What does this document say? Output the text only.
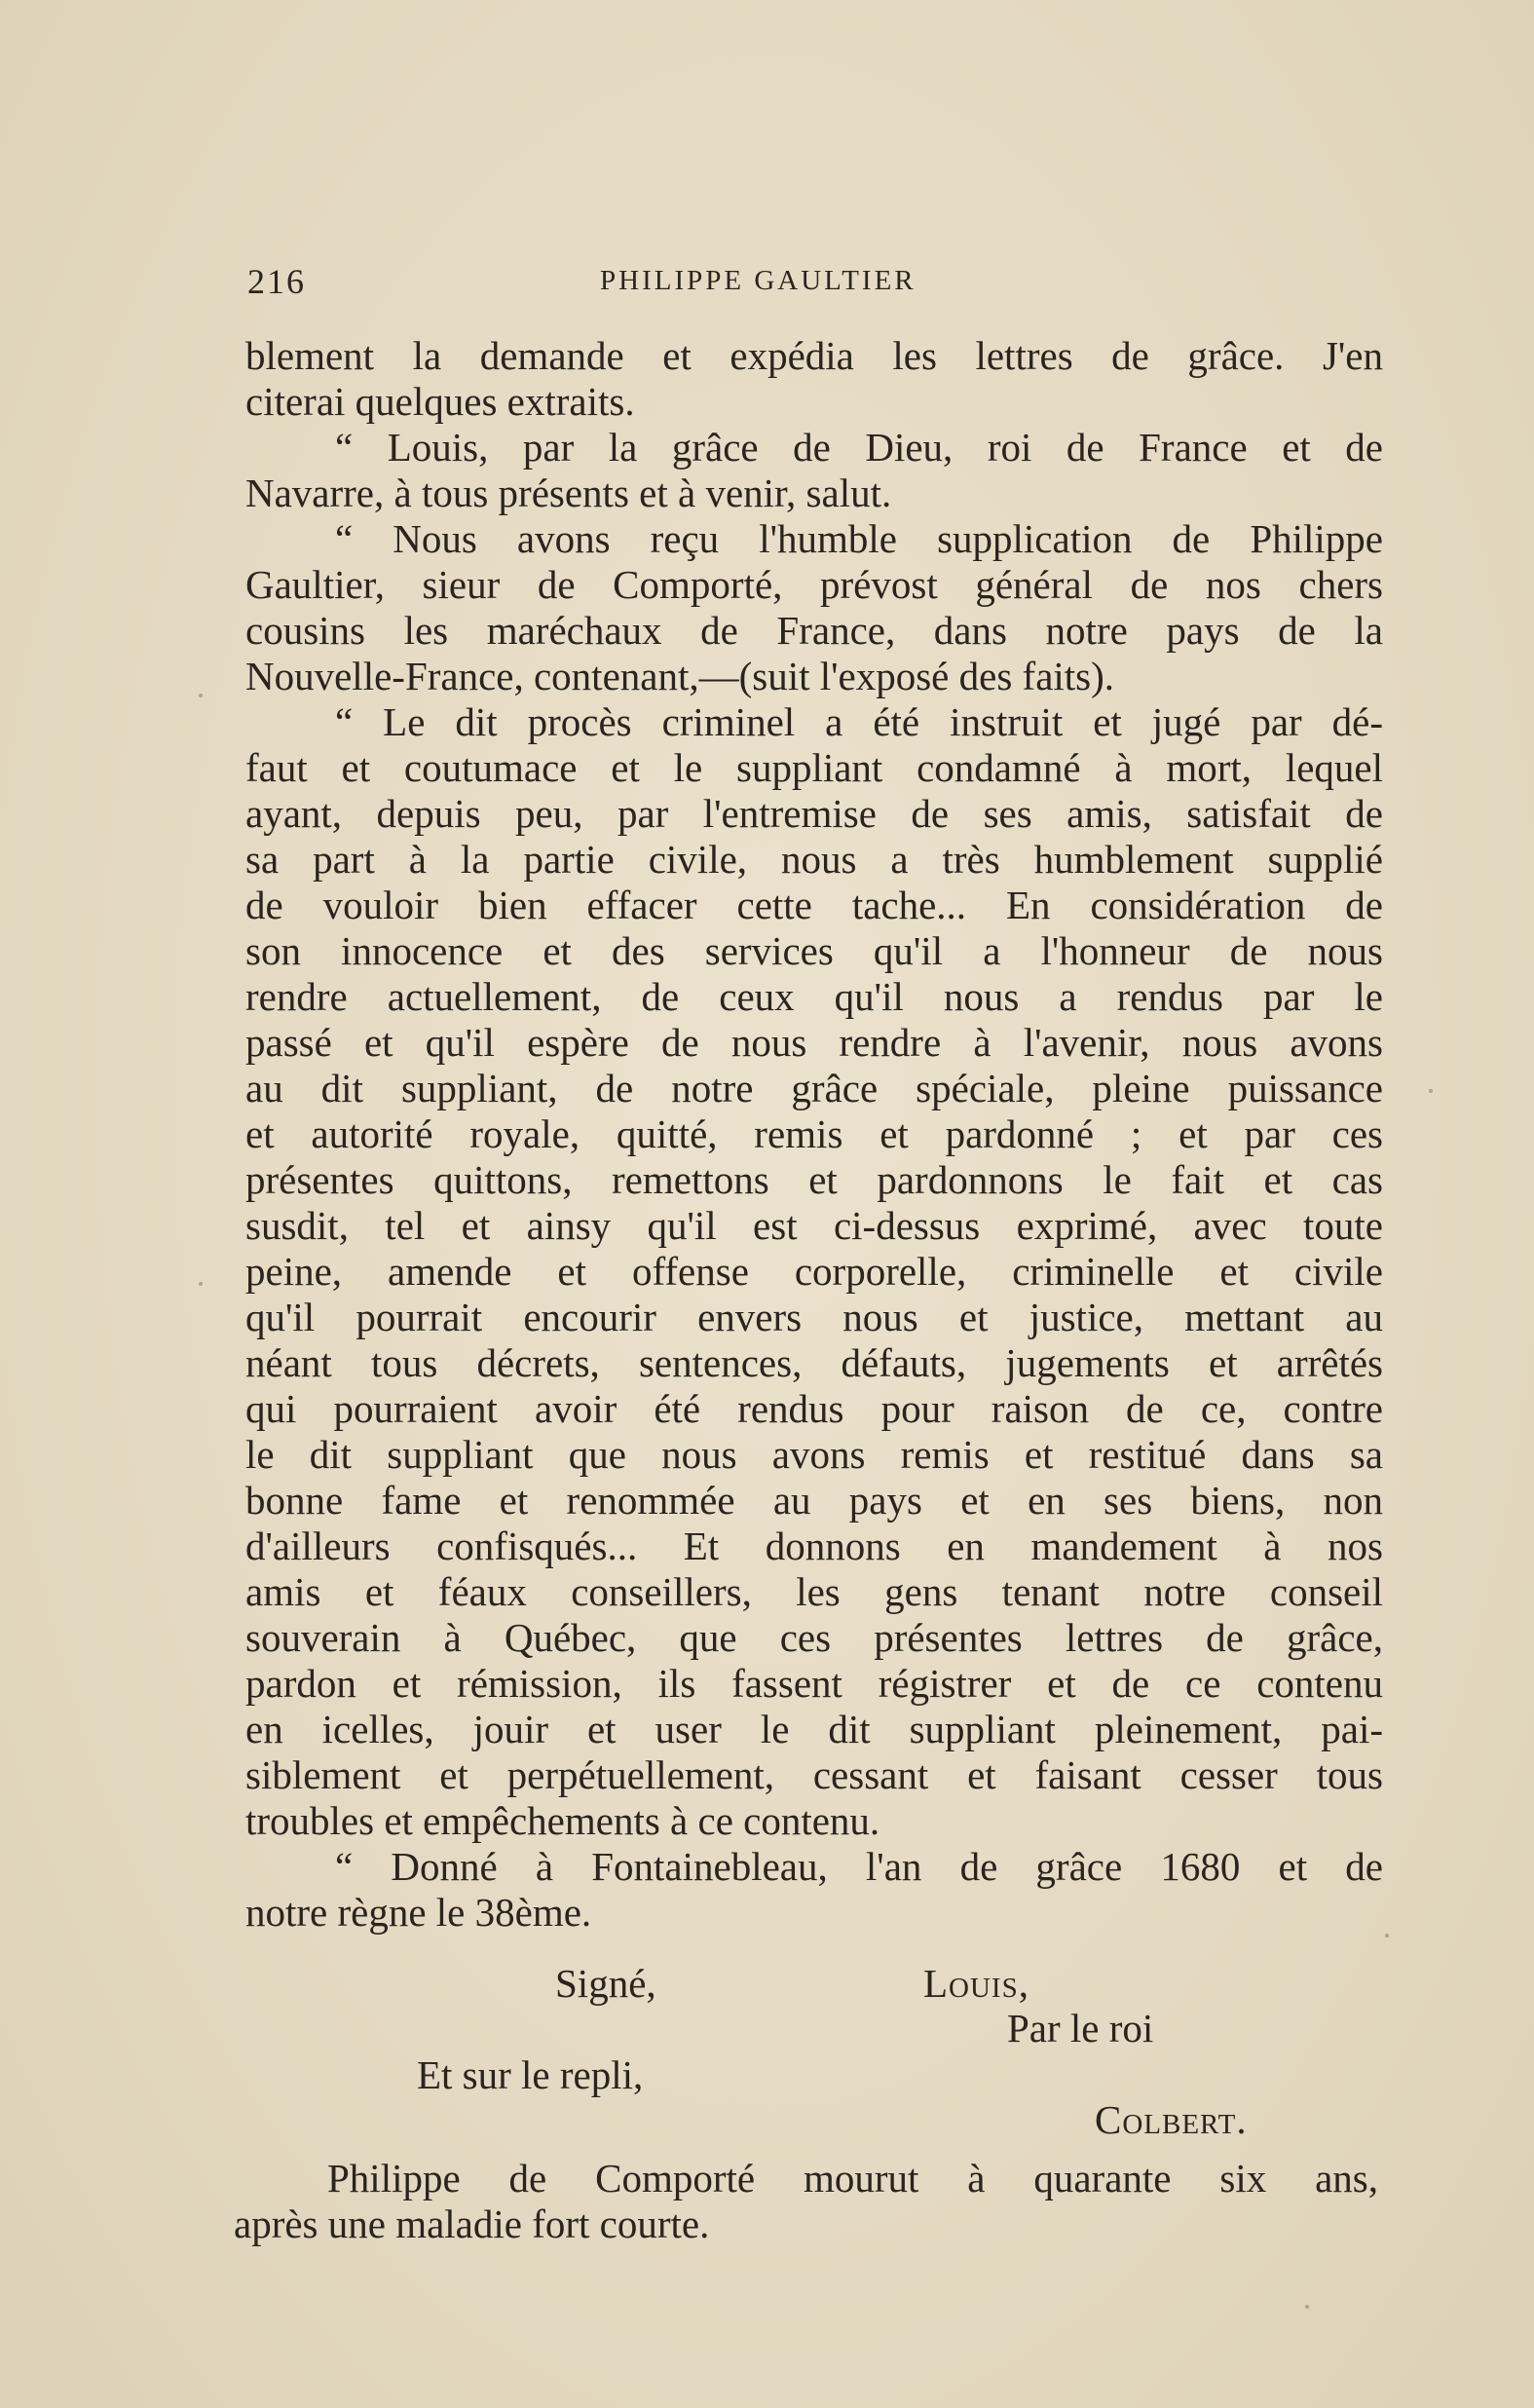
216	PHILIPPE GAULTIER
blement la demande et expédia les lettres de grâce. J'en
citerai quelques extraits.
“ Louis, par la grâce de Dieu, roi de France et de
Navarre, à tous présents et à venir, salut.
“ Nous avons reçu l'humble supplication de Philippe
Gaultier, sieur de Comporté, prévost général de nos chers
cousins les maréchaux de France, dans notre pays de la
Nouvelle-France, contenant,—(suit l'exposé des faits).
“ Le dit procès criminel a été instruit et jugé par dé-
faut et coutumace et le suppliant condamné à mort, lequel
ayant, depuis peu, par l'entremise de ses amis, satisfait de
sa part à la partie civile, nous a très humblement supplié
de vouloir bien effacer cette tache... En considération de
son innocence et des services qu'il a l'honneur de nous
rendre actuellement, de ceux qu'il nous a rendus par le
passé et qu'il espère de nous rendre à l'avenir, nous avons
au dit suppliant, de notre grâce spéciale, pleine puissance
et autorité royale, quitté, remis et pardonné ; et par ces
présentes quittons, remettons et pardonnons le fait et cas
susdit, tel et ainsy qu'il est ci-dessus exprimé, avec toute
peine, amende et offense corporelle, criminelle et civile
qu'il pourrait encourir envers nous et justice, mettant au
néant tous décrets, sentences, défauts, jugements et arrêtés
qui pourraient avoir été rendus pour raison de ce, contre
le dit suppliant que nous avons remis et restitué dans sa
bonne fame et renommée au pays et en ses biens, non
d'ailleurs confisqués... Et donnons en mandement à nos
amis et féaux conseillers, les gens tenant notre conseil
souverain à Québec, que ces présentes lettres de grâce,
pardon et rémission, ils fassent régistrer et de ce contenu
en icelles, jouir et user le dit suppliant pleinement, pai-
siblement et perpétuellement, cessant et faisant cesser tous
troubles et empêchements à ce contenu.
“ Donné à Fontainebleau, l'an de grâce 1680 et de
notre règne le 38ème.
Signé,	Louis,
Par le roi
Et sur le repli,
Colbert.
Philippe de Comporté mourut à quarante six ans,
après une maladie fort courte.
